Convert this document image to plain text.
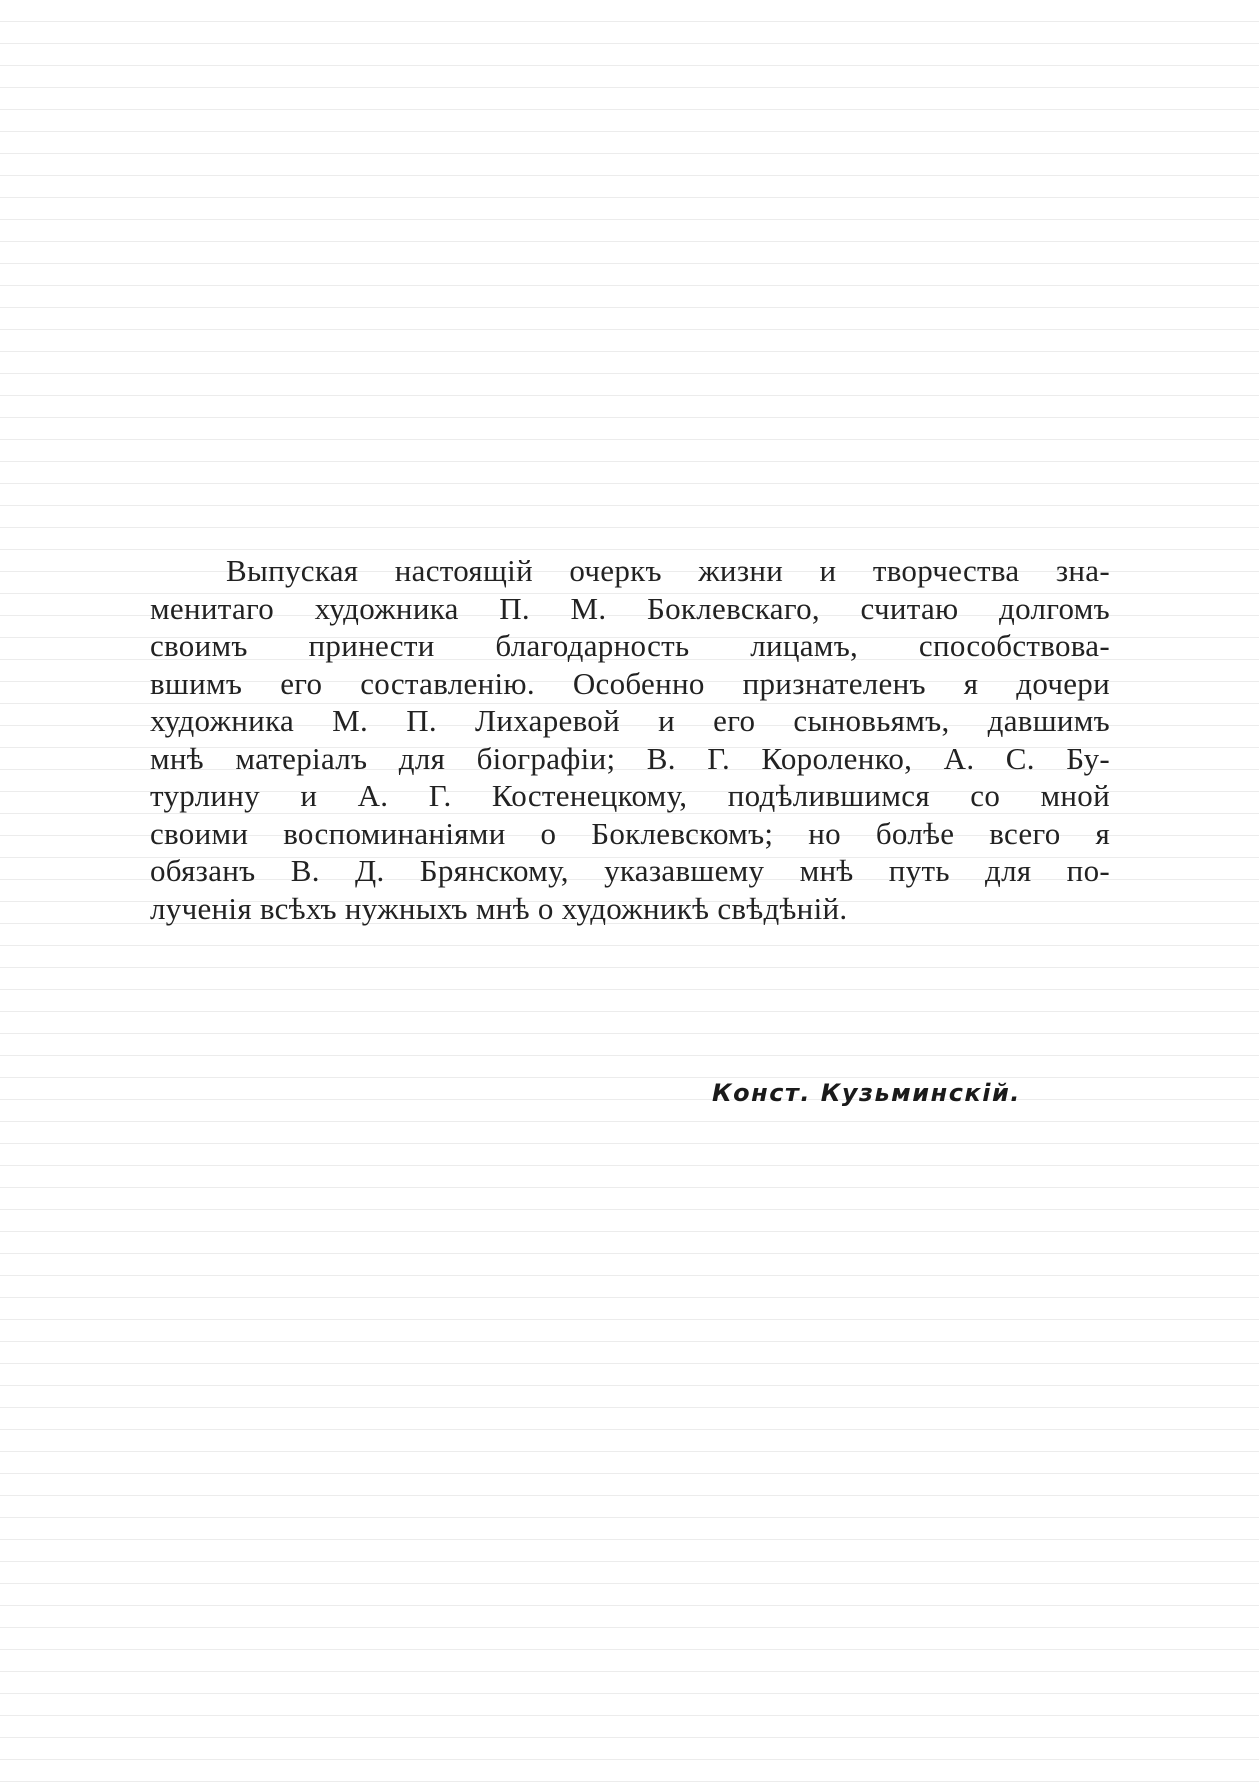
Выпуская настоящій очеркъ жизни и творчества зна-
менитаго художника П. М. Боклевскаго, считаю долгомъ
своимъ принести благодарность лицамъ, способствова-
вшимъ его составленію. Особенно признателенъ я дочери
художника М. П. Лихаревой и его сыновьямъ, давшимъ
мнѣ матеріалъ для біографіи; В. Г. Короленко, А. С. Бу-
турлину и А. Г. Костенецкому, подѣлившимся со мной
своими воспоминаніями о Боклевскомъ; но болѣе всего я
обязанъ В. Д. Брянскому, указавшему мнѣ путь для по-
лученія всѣхъ нужныхъ мнѣ о художникѣ свѣдѣній.
Конст. Кузьминскій.
